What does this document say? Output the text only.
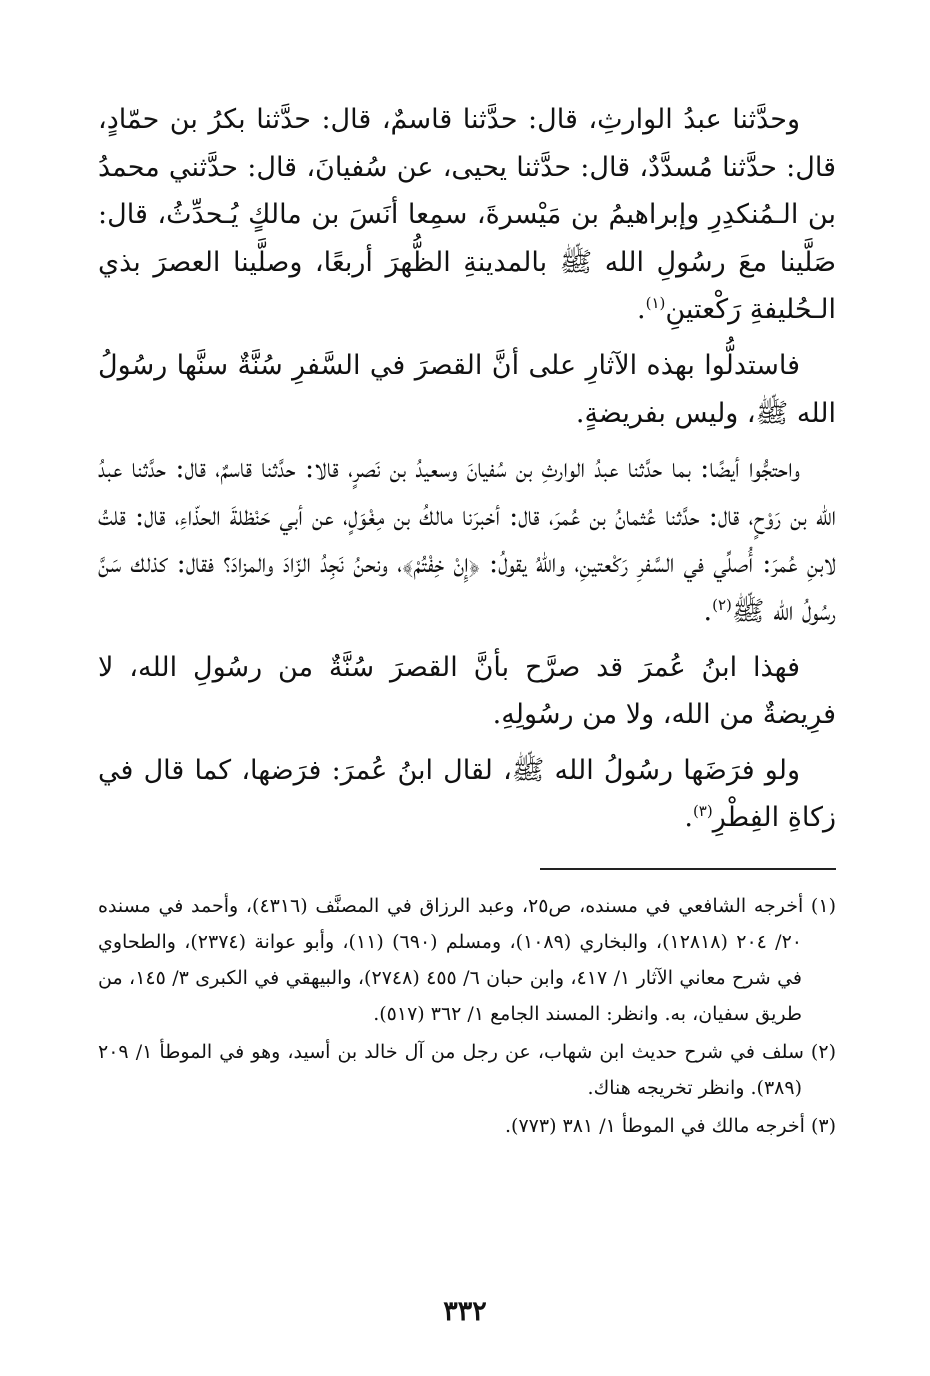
وحدَّثنا عبدُ الوارثِ، قال: حدَّثنا قاسمٌ، قال: حدَّثنا بكرُ بن حمّادٍ، قال: حدَّثنا مُسدَّدٌ، قال: حدَّثنا يحيى، عن سُفيانَ، قال: حدَّثني محمدُ بن الـمُنكدِرِ وإبراهيمُ بن مَيْسرةَ، سمِعا أنَسَ بن مالكٍ يُـحدِّثُ، قال: صَلَّينا معَ رسُولِ الله ﷺ بالمدينةِ الظُّهرَ أربعًا، وصلَّينا العصرَ بذي الـحُليفةِ رَكْعتينِ$^{(١)}$.

فاستدلُّوا بهذه الآثارِ على أنَّ القصرَ في السَّفرِ سُنَّةٌ سنَّها رسُولُ الله ﷺ، وليس بفريضةٍ.

واحتجُّوا أيضًا: بما حدَّثنا عبدُ الوارثِ بن سُفيانَ وسعيدُ بن نَصرٍ، قالا: حدَّثنا قاسمٌ، قال: حدَّثنا عبدُ الله بن رَوْحٍ، قال: حدَّثنا عُثمانُ بن عُمرَ، قال: أخبرَنا مالكُ بن مِغْوَلٍ، عن أبي حَنْظلةَ الحذّاءِ، قال: قلتُ لابنِ عُمرَ: أُصلِّي في السَّفرِ رَكْعتينِ، واللهُ يقولُ: ﴿إِنْ خِفْتُمْ﴾، ونحنُ نَجِدُ الزّادَ والمزادَ؟ فقال: كذلك سَنَّ رسُولُ الله ﷺ$^{(٢)}$.

فهذا ابنُ عُمرَ قد صرَّح بأنَّ القصرَ سُنَّةٌ من رسُولِ الله، لا فرِيضةٌ من الله، ولا من رسُولِهِ.

ولو فرَضَها رسُولُ الله ﷺ، لقال ابنُ عُمرَ: فرَضها، كما قال في زكاةِ الفِطْرِ$^{(٣)}$.

(١) أخرجه الشافعي في مسنده، ص٢٥، وعبد الرزاق في المصنَّف (٤٣١٦)، وأحمد في مسنده ٢٠/ ٢٠٤ (١٢٨١٨)، والبخاري (١٠٨٩)، ومسلم (٦٩٠) (١١)، وأبو عوانة (٢٣٧٤)، والطحاوي في شرح معاني الآثار ١/ ٤١٧، وابن حبان ٦/ ٤٥٥ (٢٧٤٨)، والبيهقي في الكبرى ٣/ ١٤٥، من طريق سفيان، به. وانظر: المسند الجامع ١/ ٣٦٢ (٥١٧).

(٢) سلف في شرح حديث ابن شهاب، عن رجل من آل خالد بن أسيد، وهو في الموطأ ١/ ٢٠٩ (٣٨٩). وانظر تخريجه هناك.

(٣) أخرجه مالك في الموطأ ١/ ٣٨١ (٧٧٣).

٣٣٢
